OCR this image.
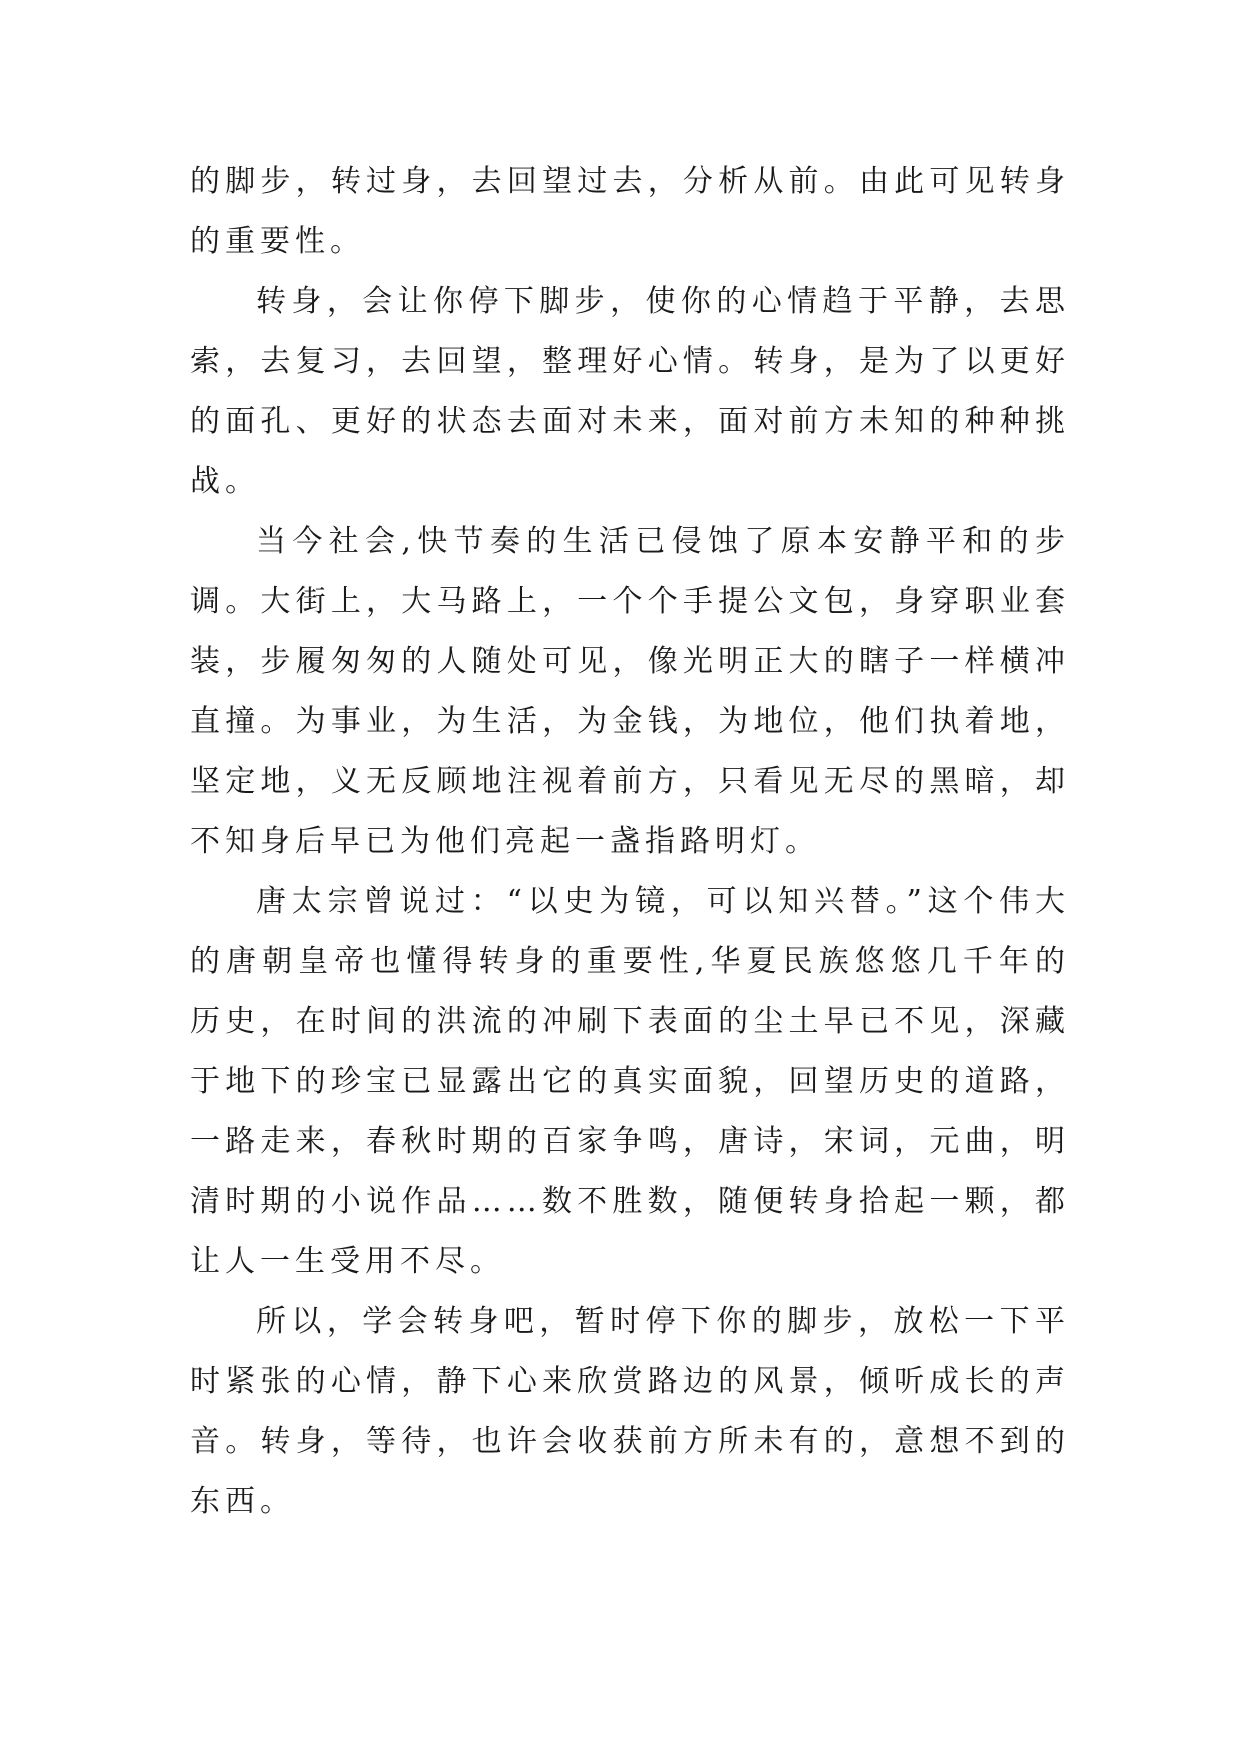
的脚步，转过身，去回望过去，分析从前。由此可见转身的重要性。

转身，会让你停下脚步，使你的心情趋于平静，去思索，去复习，去回望，整理好心情。转身，是为了以更好的面孔、更好的状态去面对未来，面对前方未知的种种挑战。

当今社会,快节奏的生活已侵蚀了原本安静平和的步调。大街上，大马路上，一个个手提公文包，身穿职业套装，步履匆匆的人随处可见，像光明正大的瞎子一样横冲直撞。为事业，为生活，为金钱，为地位，他们执着地，坚定地，义无反顾地注视着前方，只看见无尽的黑暗，却不知身后早已为他们亮起一盏指路明灯。

唐太宗曾说过：“以史为镜，可以知兴替。”这个伟大的唐朝皇帝也懂得转身的重要性,华夏民族悠悠几千年的历史，在时间的洪流的冲刷下表面的尘土早已不见，深藏于地下的珍宝已显露出它的真实面貌，回望历史的道路，一路走来，春秋时期的百家争鸣，唐诗，宋词，元曲，明清时期的小说作品……数不胜数，随便转身拾起一颗，都让人一生受用不尽。

所以，学会转身吧，暂时停下你的脚步，放松一下平时紧张的心情，静下心来欣赏路边的风景，倾听成长的声音。转身，等待，也许会收获前方所未有的，意想不到的东西。
